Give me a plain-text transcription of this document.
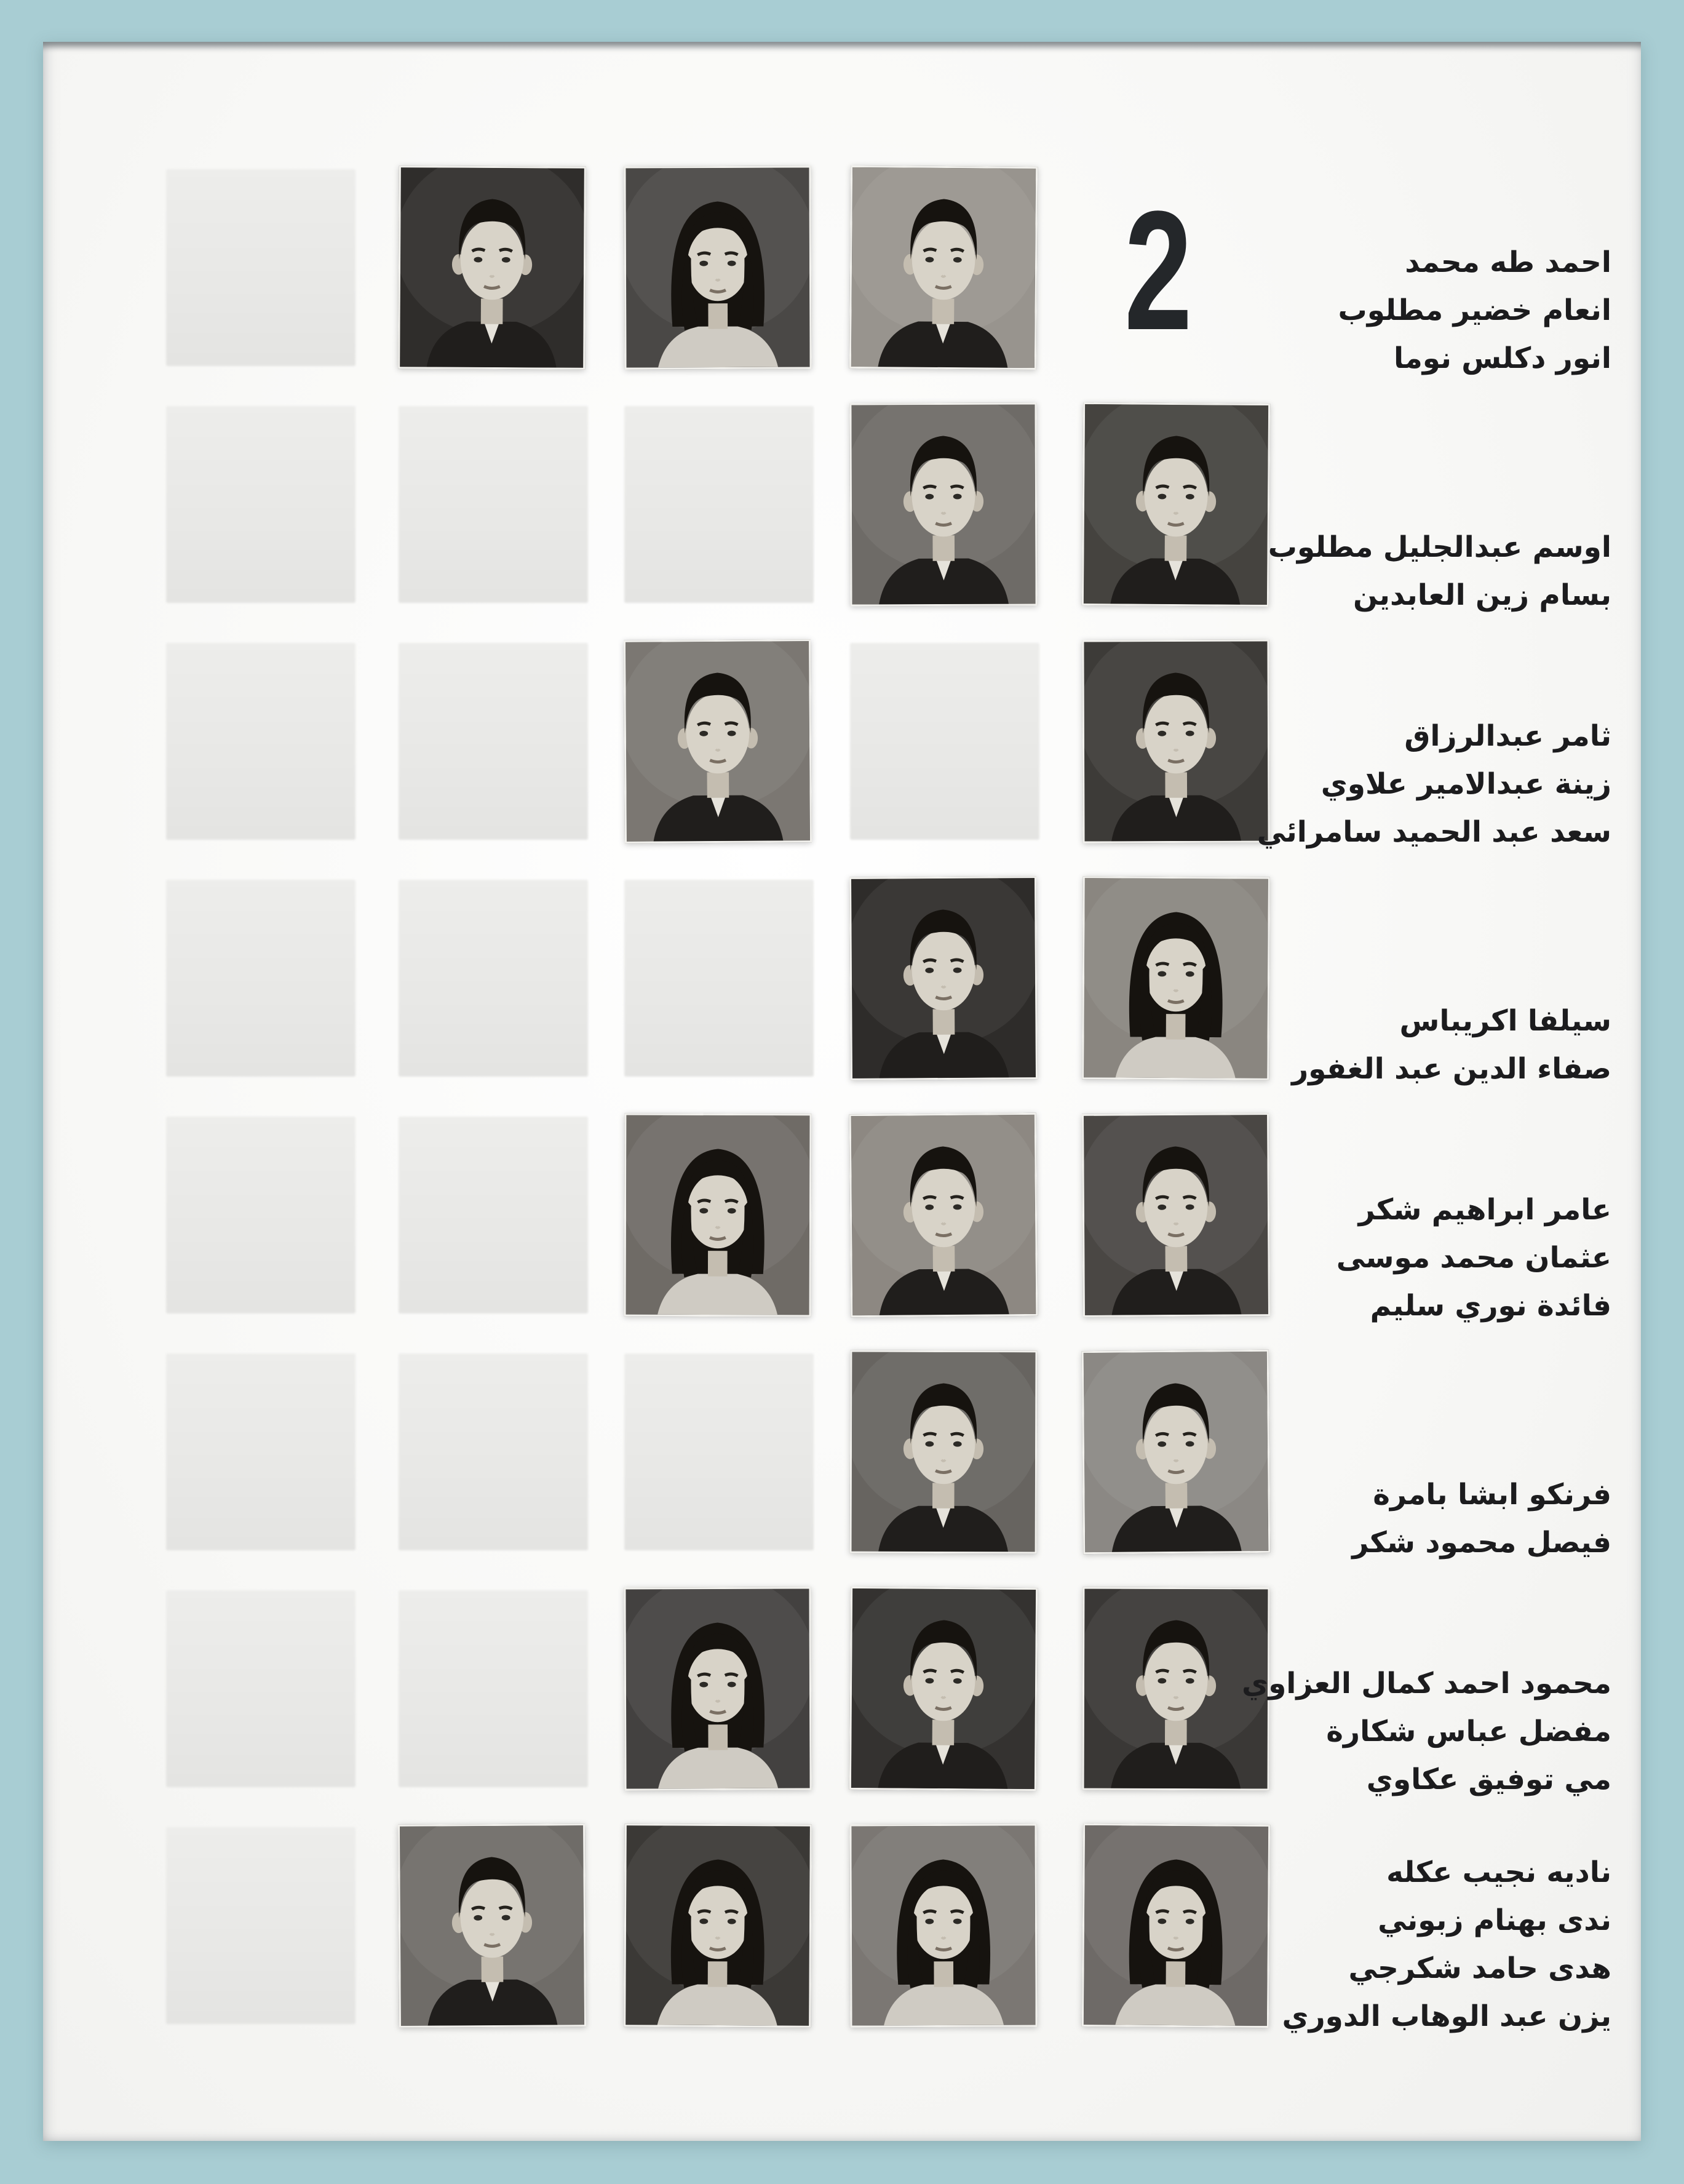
2	احمد طه محمد
انعام خضير مطلوب
انور دكلس نوما
اوسم عبدالجليل مطلوب
بسام زين العابدين
ثامر عبدالرزاق
زينة عبدالامير علاوي
سعد عبد الحميد سامرائي
سيلفا اكريباس
صفاء الدين عبد الغفور
عامر ابراهيم شكر
عثمان محمد موسى
فائدة نوري سليم
فرنكو ابشا بامرة
فيصل محمود شكر
محمود احمد كمال العزاوي
مفضل عباس شكارة
مي توفيق عكاوي
ناديه نجيب عكله
ندى بهنام زبوني
هدى حامد شكرجي
يزن عبد الوهاب الدوري
